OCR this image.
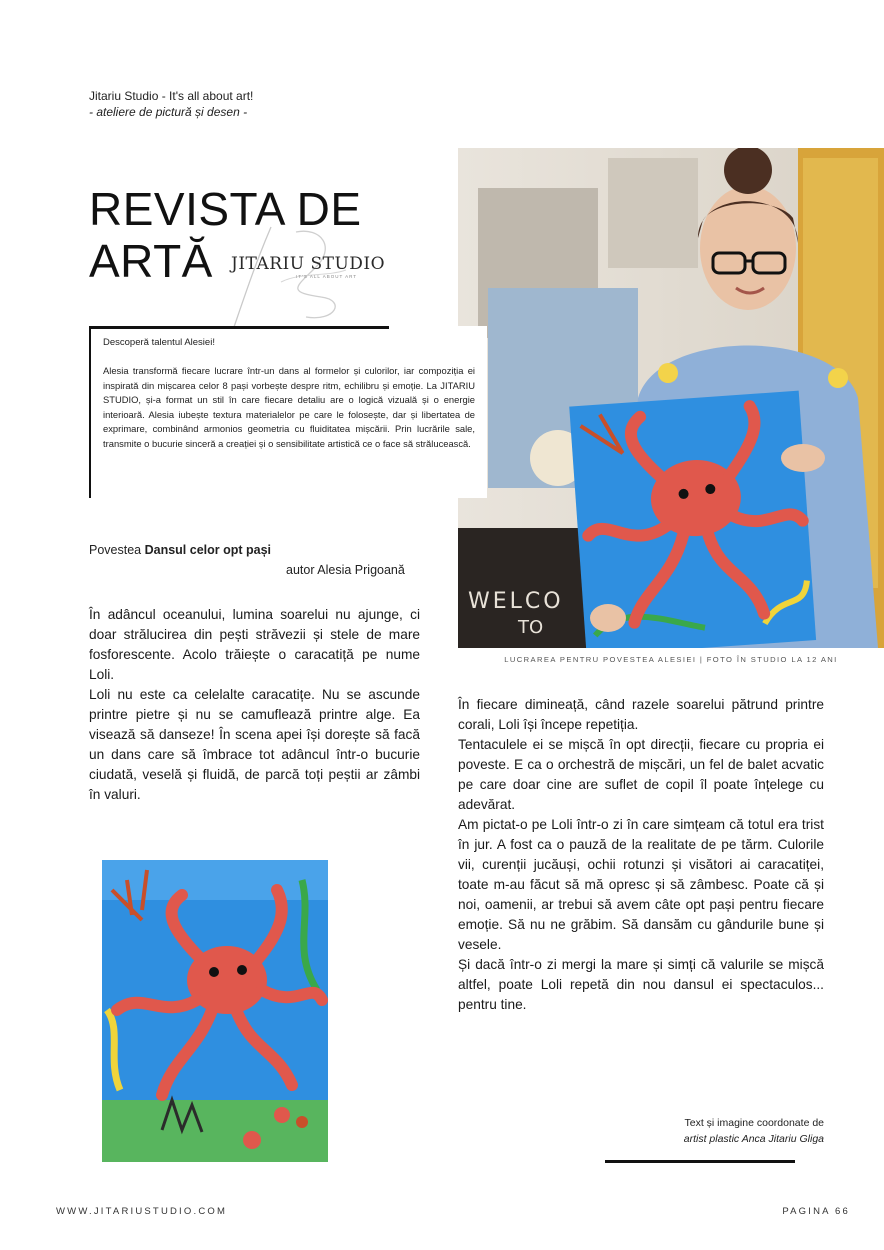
Jitariu Studio - It's all about art!
- ateliere de pictură și desen -
REVISTA DE
ARTĂ	JITARIU STUDIO
IT'S ALL ABOUT ART
WELCO
TO
Descoperă talentul Alesiei!
Alesia transformă fiecare lucrare într-un dans al formelor și culorilor, iar compoziția ei inspirată din mișcarea celor 8 pași vorbește despre ritm, echilibru și emoție. La JITARIU STUDIO, și-a format un stil în care fiecare detaliu are o logică vizuală și o energie interioară. Alesia iubește textura materialelor pe care le folosește, dar și libertatea de exprimare, combinând armonios geometria cu fluiditatea mișcării. Prin lucrările sale, transmite o bucurie sinceră a creației și o sensibilitate artistică ce o face să strălucească.
LUCRAREA PENTRU POVESTEA ALESIEI | FOTO ÎN STUDIO LA 12 ANI
Povestea Dansul celor opt pași
autor Alesia Prigoană

În adâncul oceanului, lumina soarelui nu ajunge, ci doar strălucirea din pești străvezii și stele de mare fosforescente. Acolo trăiește o caracatiță pe nume Loli.

Loli nu este ca celelalte caracatițe. Nu se ascunde printre pietre și nu se camuflează printre alge. Ea visează să danseze! În scena apei își dorește să facă un dans care să îmbrace tot adâncul într-o bucurie ciudată, veselă și fluidă, de parcă toți peștii ar zâmbi în valuri.

În fiecare dimineață, când razele soarelui pătrund printre corali, Loli își începe repetiția.

Tentaculele ei se mișcă în opt direcții, fiecare cu propria ei poveste. E ca o orchestră de mișcări, un fel de balet acvatic pe care doar cine are suflet de copil îl poate înțelege cu adevărat.

Am pictat-o pe Loli într-o zi în care simțeam că totul era trist în jur. A fost ca o pauză de la realitate de pe tărm. Culorile vii, curenții jucăuși, ochii rotunzi și visători ai caracatiței, toate m-au făcut să mă opresc și să zâmbesc. Poate că și noi, oamenii, ar trebui să avem câte opt pași pentru fiecare emoție. Să nu ne grăbim. Să dansăm cu gândurile bune și vesele.

Și dacă într-o zi mergi la mare și simți că valurile se mișcă altfel, poate Loli repetă din nou dansul ei spectaculos... pentru tine.

Text și imagine coordonate de
artist plastic Anca Jitariu Gliga
WWW.JITARIUSTUDIO.COM	PAGINA 66
